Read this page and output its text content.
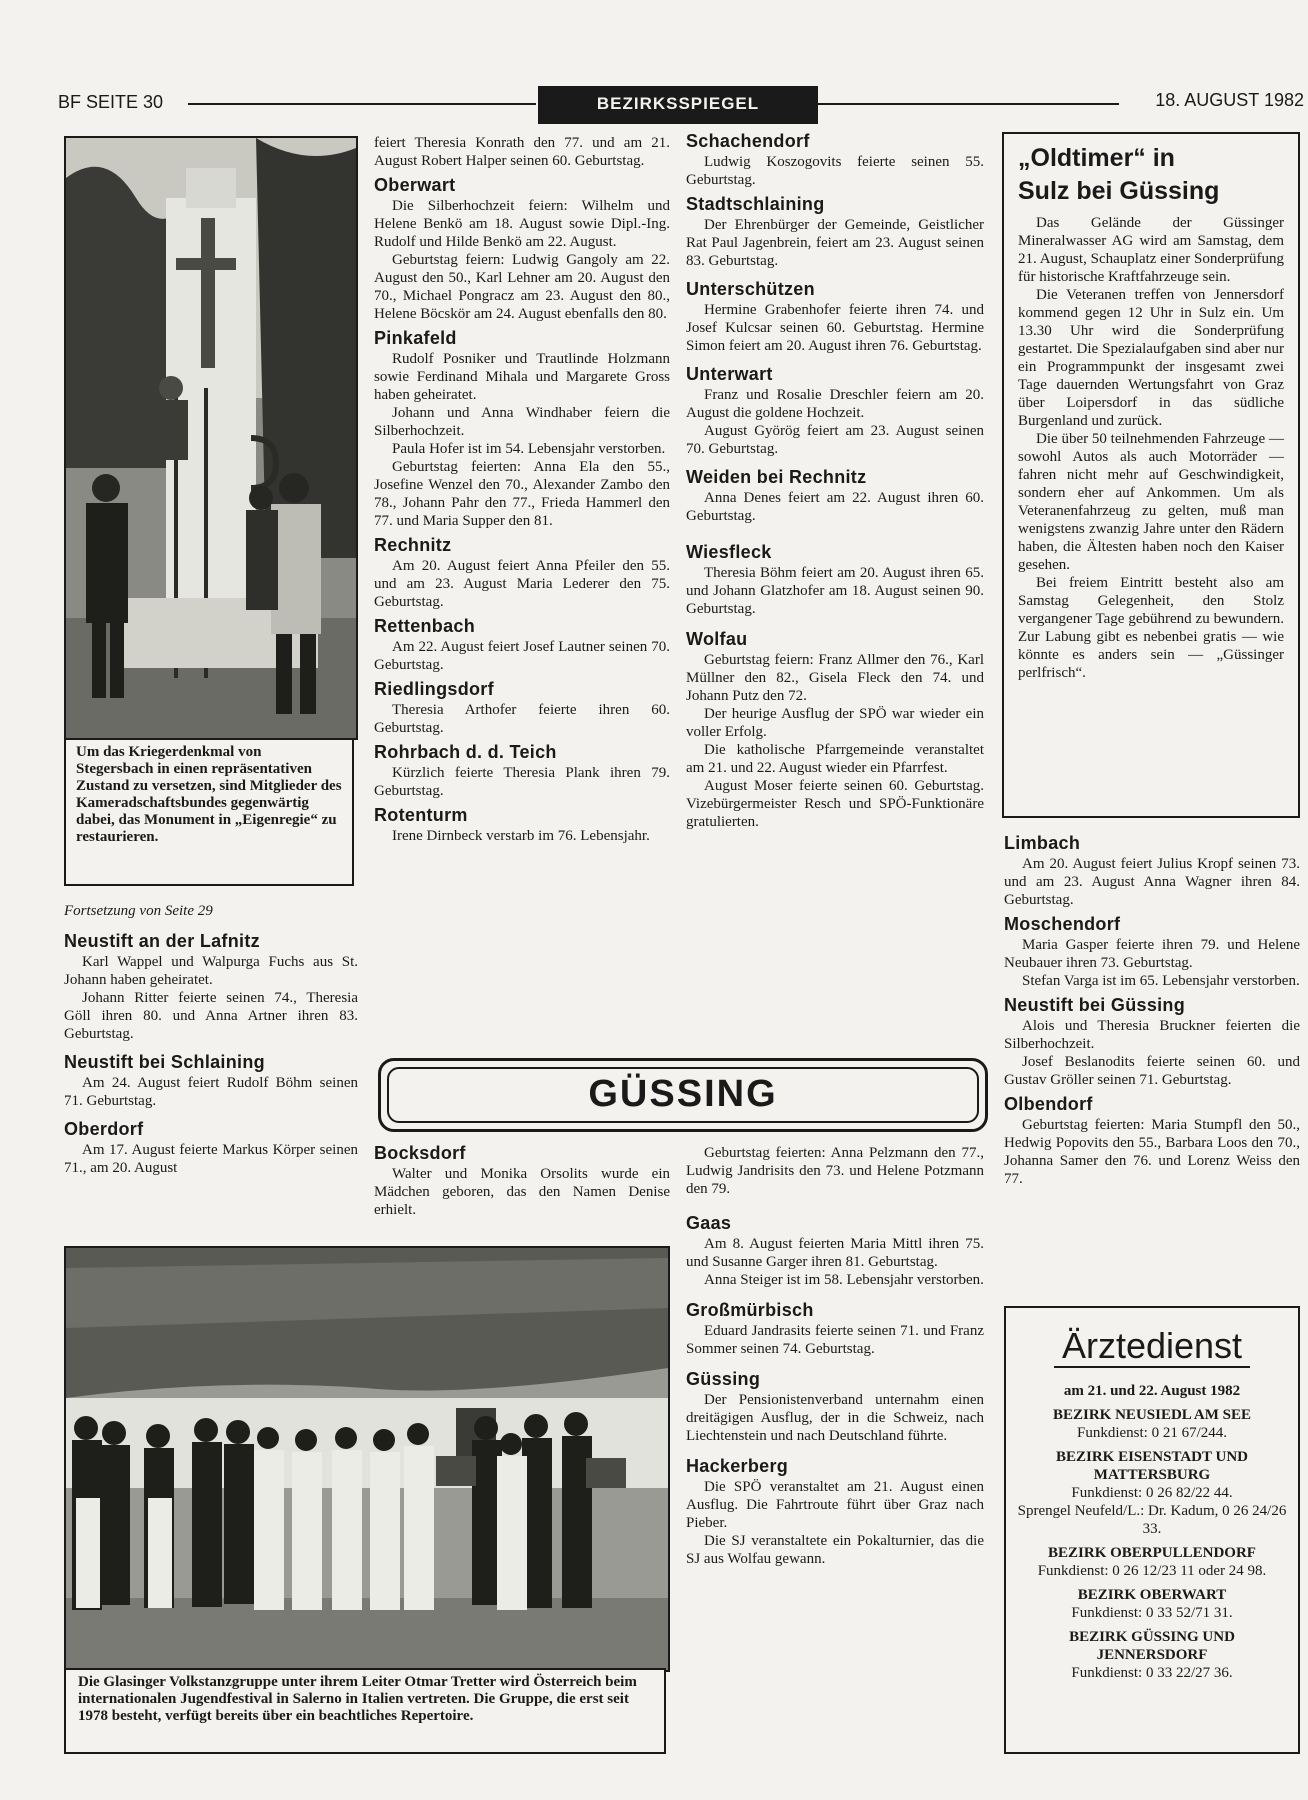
BF SEITE 30	BEZIRKSSPIEGEL	18. AUGUST 1982
Um das Kriegerdenkmal von Stegersbach in einen repräsentativen Zustand zu versetzen, sind Mitglieder des Kameradschaftsbundes gegenwärtig dabei, das Monument in „Eigenregie“ zu restaurieren.

Fortsetzung von Seite 29

Neustift an der Lafnitz

Karl Wappel und Walpurga Fuchs aus St. Johann haben geheiratet.

Johann Ritter feierte seinen 74., Theresia Göll ihren 80. und Anna Artner ihren 83. Geburtstag.

Neustift bei Schlaining

Am 24. August feiert Rudolf Böhm seinen 71. Geburtstag.

Oberdorf

Am 17. August feierte Markus Körper seinen 71., am 20. August

feiert Theresia Konrath den 77. und am 21. August Robert Halper seinen 60. Geburtstag.

Oberwart

Die Silberhochzeit feiern: Wilhelm und Helene Benkö am 18. August sowie Dipl.-Ing. Rudolf und Hilde Benkö am 22. August.

Geburtstag feiern: Ludwig Gangoly am 22. August den 50., Karl Lehner am 20. August den 70., Michael Pongracz am 23. August den 80., Helene Böcskör am 24. August ebenfalls den 80.

Pinkafeld

Rudolf Posniker und Trautlinde Holzmann sowie Ferdinand Mihala und Margarete Gross haben geheiratet.

Johann und Anna Windhaber feiern die Silberhochzeit.

Paula Hofer ist im 54. Lebensjahr verstorben.

Geburtstag feierten: Anna Ela den 55., Josefine Wenzel den 70., Alexander Zambo den 78., Johann Pahr den 77., Frieda Hammerl den 77. und Maria Supper den 81.

Rechnitz

Am 20. August feiert Anna Pfeiler den 55. und am 23. August Maria Lederer den 75. Geburtstag.

Rettenbach

Am 22. August feiert Josef Lautner seinen 70. Geburtstag.

Riedlingsdorf

Theresia Arthofer feierte ihren 60. Geburtstag.

Rohrbach d. d. Teich

Kürzlich feierte Theresia Plank ihren 79. Geburtstag.

Rotenturm

Irene Dirnbeck verstarb im 76. Lebensjahr.

Schachendorf

Ludwig Koszogovits feierte seinen 55. Geburtstag.

Stadtschlaining

Der Ehrenbürger der Gemeinde, Geistlicher Rat Paul Jagenbrein, feiert am 23. August seinen 83. Geburtstag.

Unterschützen

Hermine Grabenhofer feierte ihren 74. und Josef Kulcsar seinen 60. Geburtstag. Hermine Simon feiert am 20. August ihren 76. Geburtstag.

Unterwart

Franz und Rosalie Dreschler feiern am 20. August die goldene Hochzeit.

August Györög feiert am 23. August seinen 70. Geburtstag.

Weiden bei Rechnitz

Anna Denes feiert am 22. August ihren 60. Geburtstag.

Wiesfleck

Theresia Böhm feiert am 20. August ihren 65. und Johann Glatzhofer am 18. August seinen 90. Geburtstag.

Wolfau

Geburtstag feiern: Franz Allmer den 76., Karl Müllner den 82., Gisela Fleck den 74. und Johann Putz den 72.

Der heurige Ausflug der SPÖ war wieder ein voller Erfolg.

Die katholische Pfarrgemeinde veranstaltet am 21. und 22. August wieder ein Pfarrfest.

August Moser feierte seinen 60. Geburtstag. Vizebürgermeister Resch und SPÖ-Funktionäre gratulierten.

GÜSSING
Bocksdorf

Walter und Monika Orsolits wurde ein Mädchen geboren, das den Namen Denise erhielt.

Geburtstag feierten: Anna Pelzmann den 77., Ludwig Jandrisits den 73. und Helene Potzmann den 79.

Gaas

Am 8. August feierten Maria Mittl ihren 75. und Susanne Garger ihren 81. Geburtstag.

Anna Steiger ist im 58. Lebensjahr verstorben.

Großmürbisch

Eduard Jandrasits feierte seinen 71. und Franz Sommer seinen 74. Geburtstag.

Güssing

Der Pensionistenverband unternahm einen dreitägigen Ausflug, der in die Schweiz, nach Liechtenstein und nach Deutschland führte.

Hackerberg

Die SPÖ veranstaltet am 21. August einen Ausflug. Die Fahrtroute führt über Graz nach Pieber.

Die SJ veranstaltete ein Pokalturnier, das die SJ aus Wolfau gewann.

Die Glasinger Volkstanzgruppe unter ihrem Leiter Otmar Tretter wird Österreich beim internationalen Jugendfestival in Salerno in Italien vertreten. Die Gruppe, die erst seit 1978 besteht, verfügt bereits über ein beachtliches Repertoire.
„Oldtimer“ in
Sulz bei Güssing

Das Gelände der Güssinger Mineralwasser AG wird am Samstag, dem 21. August, Schauplatz einer Sonderprüfung für historische Kraftfahrzeuge sein.

Die Veteranen treffen von Jennersdorf kommend gegen 12 Uhr in Sulz ein. Um 13.30 Uhr wird die Sonderprüfung gestartet. Die Spezialaufgaben sind aber nur ein Programmpunkt der insgesamt zwei Tage dauernden Wertungsfahrt von Graz über Loipersdorf in das südliche Burgenland und zurück.

Die über 50 teilnehmenden Fahrzeuge — sowohl Autos als auch Motorräder — fahren nicht mehr auf Geschwindigkeit, sondern eher auf Ankommen. Um als Veteranenfahrzeug zu gelten, muß man wenigstens zwanzig Jahre unter den Rädern haben, die Ältesten haben noch den Kaiser gesehen.

Bei freiem Eintritt besteht also am Samstag Gelegenheit, den Stolz vergangener Tage gebührend zu bewundern. Zur Labung gibt es nebenbei gratis — wie könnte es anders sein — „Güssinger perlfrisch“.

Limbach

Am 20. August feiert Julius Kropf seinen 73. und am 23. August Anna Wagner ihren 84. Geburtstag.

Moschendorf

Maria Gasper feierte ihren 79. und Helene Neubauer ihren 73. Geburtstag.

Stefan Varga ist im 65. Lebensjahr verstorben.

Neustift bei Güssing

Alois und Theresia Bruckner feierten die Silberhochzeit.

Josef Beslanodits feierte seinen 60. und Gustav Gröller seinen 71. Geburtstag.

Olbendorf

Geburtstag feierten: Maria Stumpfl den 50., Hedwig Popovits den 55., Barbara Loos den 70., Johanna Samer den 76. und Lorenz Weiss den 77.

Ärztedienst
am 21. und 22. August 1982
BEZIRK NEUSIEDL AM SEE
Funkdienst: 0 21 67/244.
BEZIRK EISENSTADT UND MATTERSBURG
Funkdienst: 0 26 82/22 44.
Sprengel Neufeld/L.: Dr. Kadum, 0 26 24/26 33.
BEZIRK OBERPULLENDORF
Funkdienst: 0 26 12/23 11 oder 24 98.
BEZIRK OBERWART
Funkdienst: 0 33 52/71 31.
BEZIRK GÜSSING UND JENNERSDORF
Funkdienst: 0 33 22/27 36.
